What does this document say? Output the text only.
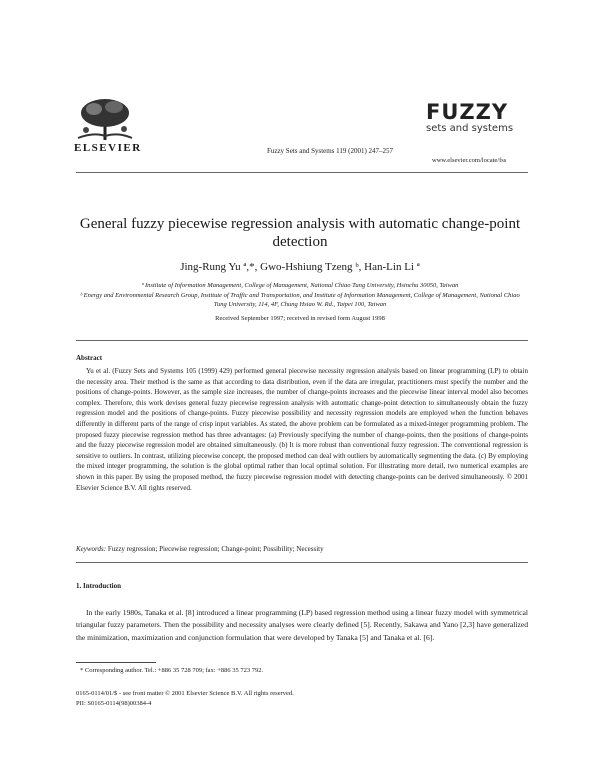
ELSEVIER	Fuzzy Sets and Systems 119 (2001) 247–257
FUZZY
sets and systems
www.elsevier.com/locate/fss
General fuzzy piecewise regression analysis with automatic change-point detection
Jing-Rung Yu ª,*, Gwo-Hshiung Tzeng ᵇ, Han-Lin Li ª
ª Institute of Information Management, College of Management, National Chiao Tung University, Hsinchu 30050, Taiwan
ᵇ Energy and Environmental Research Group, Institute of Traffic and Transportation, and Institute of Information Management, College of Management, National Chiao Tung University, 114, 4F, Chung Hsiao W. Rd., Taipei 100, Taiwan
Received September 1997; received in revised form August 1998
Abstract
Yu et al. (Fuzzy Sets and Systems 105 (1999) 429) performed general piecewise necessity regression analysis based on linear programming (LP) to obtain the necessity area. Their method is the same as that according to data distribution, even if the data are irregular, practitioners must specify the number and the positions of change-points. However, as the sample size increases, the number of change-points increases and the piecewise linear interval model also becomes complex. Therefore, this work devises general fuzzy piecewise regression analysis with automatic change-point detection to simultaneously obtain the fuzzy regression model and the positions of change-points. Fuzzy piecewise possibility and necessity regression models are employed when the function behaves differently in different parts of the range of crisp input variables. As stated, the above problem can be formulated as a mixed-integer programming problem. The proposed fuzzy piecewise regression method has three advantages: (a) Previously specifying the number of change-points, then the positions of change-points and the fuzzy piecewise regression model are obtained simultaneously. (b) It is more robust than conventional fuzzy regression. The conventional regression is sensitive to outliers. In contrast, utilizing piecewise concept, the proposed method can deal with outliers by automatically segmenting the data. (c) By employing the mixed integer programming, the solution is the global optimal rather than local optimal solution. For illustrating more detail, two numerical examples are shown in this paper. By using the proposed method, the fuzzy piecewise regression model with detecting change-points can be derived simultaneously. © 2001 Elsevier Science B.V. All rights reserved.
Keywords: Fuzzy regression; Piecewise regression; Change-point; Possibility; Necessity
1. Introduction
In the early 1980s, Tanaka et al. [8] introduced a linear programming (LP) based regression method using a linear fuzzy model with symmetrical triangular fuzzy parameters. Then the possibility and necessity analyses were clearly defined [5]. Recently, Sakawa and Yano [2,3] have generalized the minimization, maximization and conjunction formulation that were developed by Tanaka [5] and Tanaka et al. [6].
* Corresponding author. Tel.: +886 35 728 709; fax: +886 35 723 792.
0165-0114/01/$ - see front matter © 2001 Elsevier Science B.V. All rights reserved.
PII: S0165-0114(98)00384-4
